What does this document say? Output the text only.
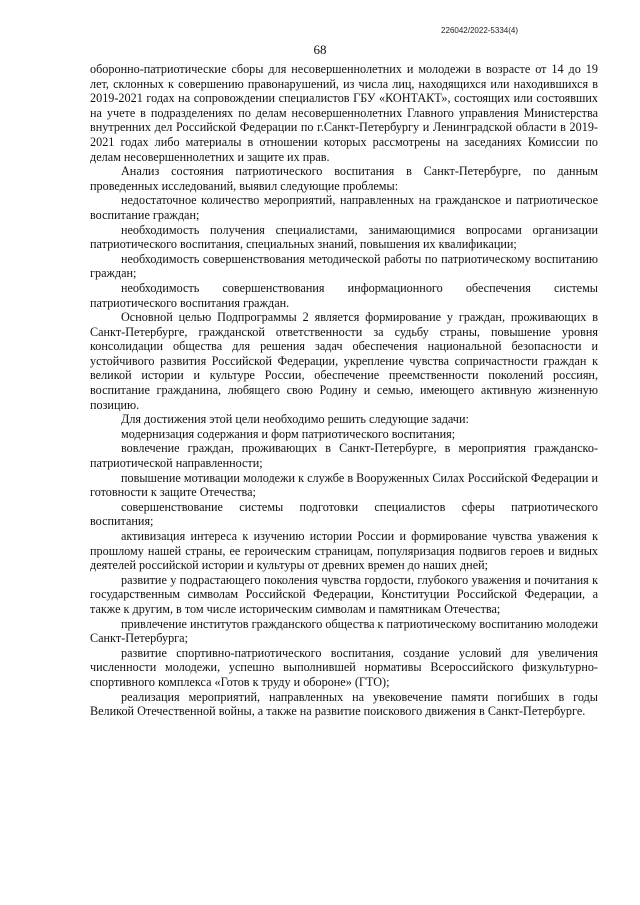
226042/2022-5334(4)
68

оборонно-патриотические сборы для несовершеннолетних и молодежи в возрасте от 14 до 19 лет, склонных к совершению правонарушений, из числа лиц, находящихся или находившихся в 2019-2021 годах на сопровождении специалистов ГБУ «КОНТАКТ», состоящих или состоявших на учете в подразделениях по делам несовершеннолетних Главного управления Министерства внутренних дел Российской Федерации по г.Санкт-Петербургу и Ленинградской области в 2019-2021 годах либо материалы в отношении которых рассмотрены на заседаниях Комиссии по делам несовершеннолетних и защите их прав.

Анализ состояния патриотического воспитания в Санкт-Петербурге, по данным проведенных исследований, выявил следующие проблемы:

недостаточное количество мероприятий, направленных на гражданское и патриотическое воспитание граждан;

необходимость получения специалистами, занимающимися вопросами организации патриотического воспитания, специальных знаний, повышения их квалификации;

необходимость совершенствования методической работы по патриотическому воспитанию граждан;

необходимость совершенствования информационного обеспечения системы патриотического воспитания граждан.

Основной целью Подпрограммы 2 является формирование у граждан, проживающих в Санкт-Петербурге, гражданской ответственности за судьбу страны, повышение уровня консолидации общества для решения задач обеспечения национальной безопасности и устойчивого развития Российской Федерации, укрепление чувства сопричастности граждан к великой истории и культуре России, обеспечение преемственности поколений россиян, воспитание гражданина, любящего свою Родину и семью, имеющего активную жизненную позицию.

Для достижения этой цели необходимо решить следующие задачи:

модернизация содержания и форм патриотического воспитания;

вовлечение граждан, проживающих в Санкт-Петербурге, в мероприятия гражданско-патриотической направленности;

повышение мотивации молодежи к службе в Вооруженных Силах Российской Федерации и готовности к защите Отечества;

совершенствование системы подготовки специалистов сферы патриотического воспитания;

активизация интереса к изучению истории России и формирование чувства уважения к прошлому нашей страны, ее героическим страницам, популяризация подвигов героев и видных деятелей российской истории и культуры от древних времен до наших дней;

развитие у подрастающего поколения чувства гордости, глубокого уважения и почитания к государственным символам Российской Федерации, Конституции Российской Федерации, а также к другим, в том числе историческим символам и памятникам Отечества;

привлечение институтов гражданского общества к патриотическому воспитанию молодежи Санкт-Петербурга;

развитие спортивно-патриотического воспитания, создание условий для увеличения численности молодежи, успешно выполнившей нормативы Всероссийского физкультурно-спортивного комплекса «Готов к труду и обороне» (ГТО);

реализация мероприятий, направленных на увековечение памяти погибших в годы Великой Отечественной войны, а также на развитие поискового движения в Санкт-Петербурге.
